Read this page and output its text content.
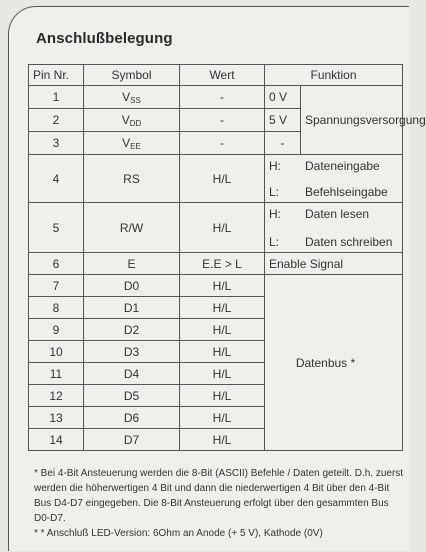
Anschlußbelegung
Pin Nr.	Symbol	Wert	Funktion	
1	$V_{SS}$	-	0 V	Spannungsversorgung
2	$V_{DD}$	-	5 V	
3	$V_{EE}$	-	-	
4	RS	H/L	H: Dateneingabe
L: Befehlseingabe	

5	R/W	H/L	H: Daten lesen
L: Daten schreiben	

6	E	E.E > L	Enable Signal	
7	D0	H/L	Datenbus *	
8	D1	H/L		
9	D2	H/L		
10	D3	H/L		
11	D4	H/L		
12	D5	H/L		
13	D6	H/L		
14	D7	H/L		

* Bei 4-Bit Ansteuerung werden die 8-Bit (ASCII) Befehle / Daten geteilt. D.h. zuerst werden die höherwertigen 4 Bit und dann die niederwertigen 4 Bit über den 4-Bit Bus D4-D7 eingegeben. Die 8-Bit Ansteuerung erfolgt über den gesammten Bus D0-D7.

* * Anschluß LED-Version: 6Ohm an Anode (+ 5 V), Kathode (0V)
